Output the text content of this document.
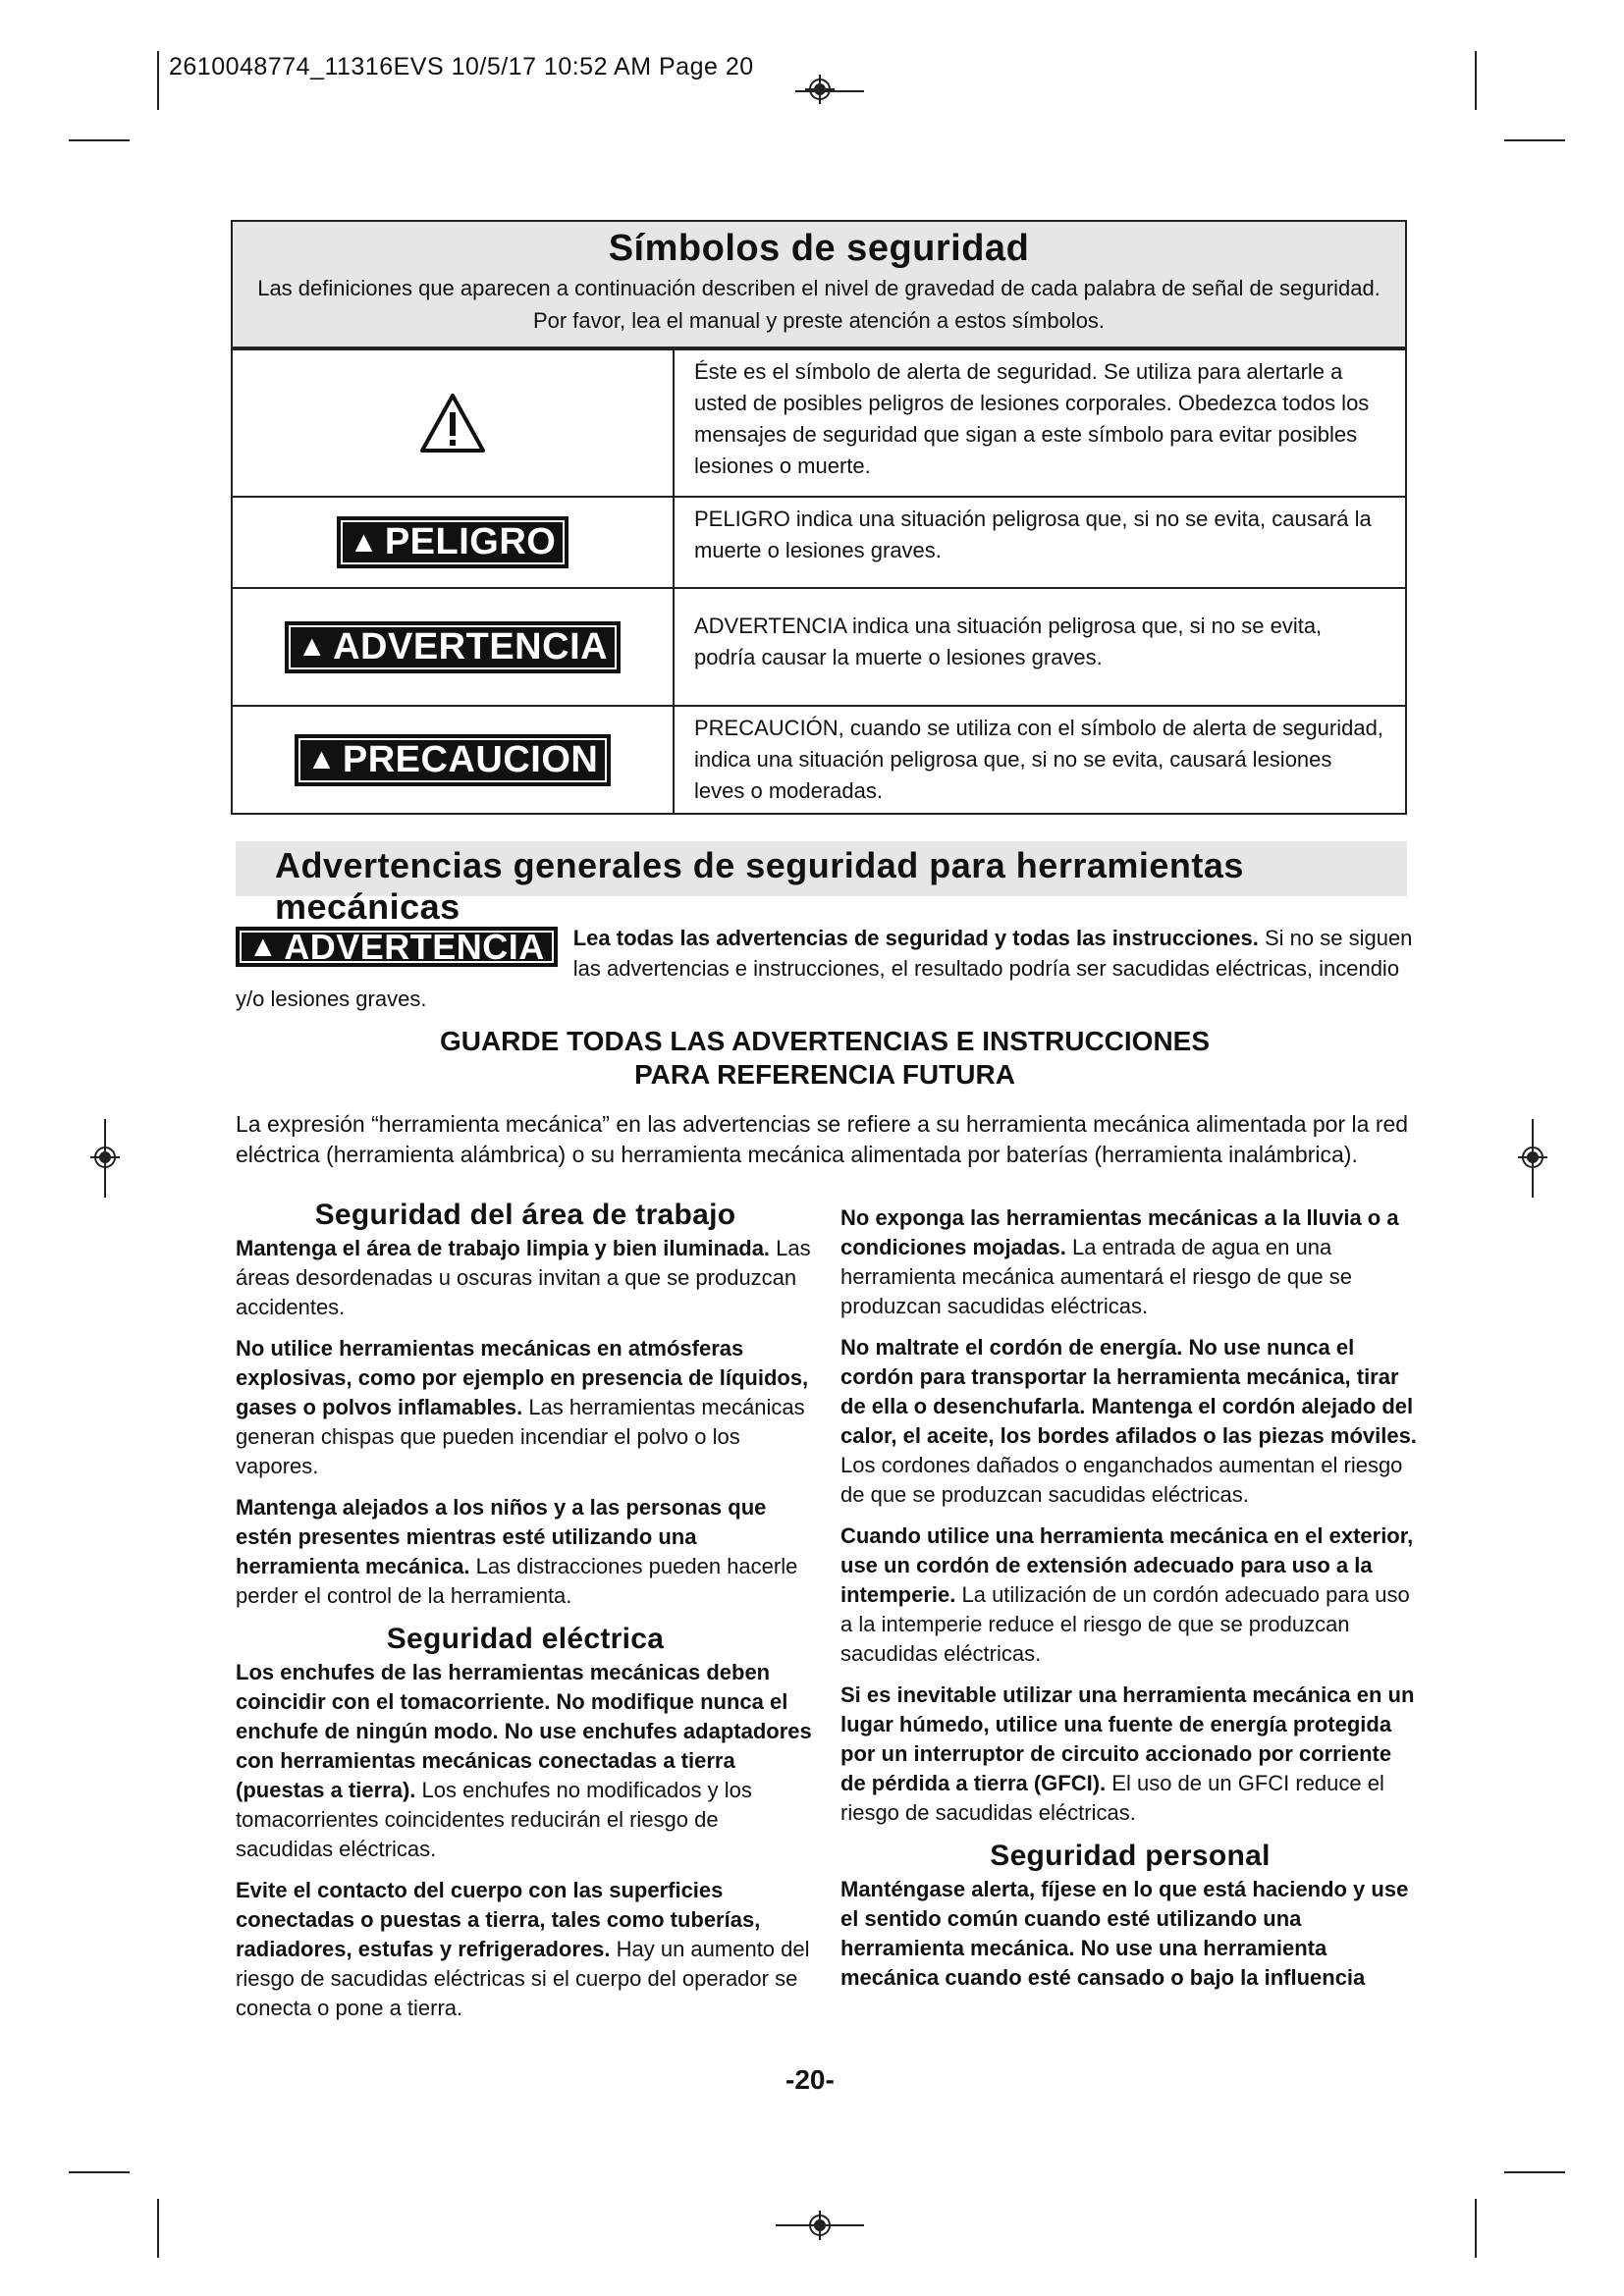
2610048774_11316EVS 10/5/17 10:52 AM Page 20
Símbolos de seguridad
Las definiciones que aparecen a continuación describen el nivel de gravedad de cada palabra de señal de seguridad. Por favor, lea el manual y preste atención a estos símbolos.
Éste es el símbolo de alerta de seguridad. Se utiliza para alertarle a usted de posibles peligros de lesiones corporales. Obedezca todos los mensajes de seguridad que sigan a este símbolo para evitar posibles lesiones o muerte.
▲ PELIGRO
PELIGRO indica una situación peligrosa que, si no se evita, causará la muerte o lesiones graves.
▲ ADVERTENCIA	ADVERTENCIA indica una situación peligrosa que, si no se evita, podría causar la muerte o lesiones graves.
▲ PRECAUCION
PRECAUCIÓN, cuando se utiliza con el símbolo de alerta de seguridad, indica una situación peligrosa que, si no se evita, causará lesiones leves o moderadas.
Advertencias generales de seguridad para herramientas mecánicas
▲ ADVERTENCIA Lea todas las advertencias de seguridad y todas las instrucciones. Si no se siguen las advertencias e instrucciones, el resultado podría ser sacudidas eléctricas, incendio y/o lesiones graves.
GUARDE TODAS LAS ADVERTENCIAS E INSTRUCCIONES
PARA REFERENCIA FUTURA
La expresión “herramienta mecánica” en las advertencias se refiere a su herramienta mecánica alimentada por la red eléctrica (herramienta alámbrica) o su herramienta mecánica alimentada por baterías (herramienta inalámbrica).
Seguridad del área de trabajo

Mantenga el área de trabajo limpia y bien iluminada. Las áreas desordenadas u oscuras invitan a que se produzcan accidentes.

No utilice herramientas mecánicas en atmósferas explosivas, como por ejemplo en presencia de líquidos, gases o polvos inflamables. Las herramientas mecánicas generan chispas que pueden incendiar el polvo o los vapores.

Mantenga alejados a los niños y a las personas que estén presentes mientras esté utilizando una herramienta mecánica. Las distracciones pueden hacerle perder el control de la herramienta.

Seguridad eléctrica

Los enchufes de las herramientas mecánicas deben coincidir con el tomacorriente. No modifique nunca el enchufe de ningún modo. No use enchufes adaptadores con herramientas mecánicas conectadas a tierra (puestas a tierra). Los enchufes no modificados y los tomacorrientes coincidentes reducirán el riesgo de sacudidas eléctricas.

Evite el contacto del cuerpo con las superficies conectadas o puestas a tierra, tales como tuberías, radiadores, estufas y refrigeradores. Hay un aumento del riesgo de sacudidas eléctricas si el cuerpo del operador se conecta o pone a tierra.

No exponga las herramientas mecánicas a la lluvia o a condiciones mojadas. La entrada de agua en una herramienta mecánica aumentará el riesgo de que se produzcan sacudidas eléctricas.

No maltrate el cordón de energía. No use nunca el cordón para transportar la herramienta mecánica, tirar de ella o desenchufarla. Mantenga el cordón alejado del calor, el aceite, los bordes afilados o las piezas móviles. Los cordones dañados o enganchados aumentan el riesgo de que se produzcan sacudidas eléctricas.

Cuando utilice una herramienta mecánica en el exterior, use un cordón de extensión adecuado para uso a la intemperie. La utilización de un cordón adecuado para uso a la intemperie reduce el riesgo de que se produzcan sacudidas eléctricas.

Si es inevitable utilizar una herramienta mecánica en un lugar húmedo, utilice una fuente de energía protegida por un interruptor de circuito accionado por corriente de pérdida a tierra (GFCI). El uso de un GFCI reduce el riesgo de sacudidas eléctricas.

Seguridad personal

Manténgase alerta, fíjese en lo que está haciendo y use el sentido común cuando esté utilizando una herramienta mecánica. No use una herramienta mecánica cuando esté cansado o bajo la influencia

-20-
